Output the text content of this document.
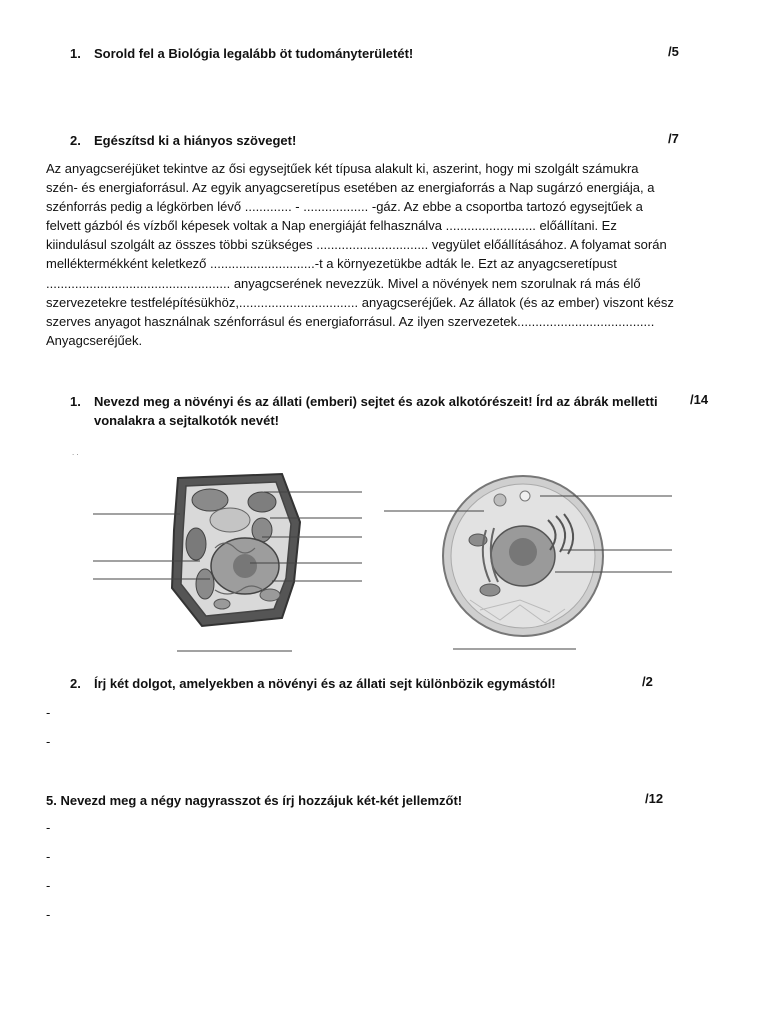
1. Sorold fel a Biológia legalább öt tudományterületét!	/5
2. Egészítsd ki a hiányos szöveget!	/7
Az anyagcseréjüket tekintve az ősi egysejtűek két típusa alakult ki, aszerint, hogy mi szolgált számukra
szén- és energiaforrásul. Az egyik anyagcseretípus esetében az energiaforrás a Nap sugárzó energiája, a
szénforrás pedig a légkörben lévő ............. - .................. -gáz. Az ebbe a csoportba tartozó egysejtűek a
felvett gázból és vízből képesek voltak a Nap energiáját felhasználva ......................... előállítani. Ez
kiindulásul szolgált az összes többi szükséges ............................... vegyület előállításához. A folyamat során
melléktermékként keletkező .............................-t a környezetükbe adták le. Ezt az anyagcseretípust
................................................... anyagcserének nevezzük. Mivel a növények nem szorulnak rá más élő
szervezetekre testfelépítésükhöz,................................. anyagcseréjűek. Az állatok (és az ember) viszont kész
szerves anyagot használnak szénforrásul és energiaforrásul. Az ilyen szervezetek......................................
Anyagcseréjűek.
1. Nevezd meg a növényi és az állati (emberi) sejtet és azok alkotórészeit! Írd az ábrák melletti
vonalakra a sejtalkotók nevét!
/14
. .
2. Írj két dolgot, amelyekben a növényi és az állati sejt különbözik egymástól!	/2
-
-
5. Nevezd meg a négy nagyrasszot és írj hozzájuk két-két jellemzőt!	/12
-
-
-
-
